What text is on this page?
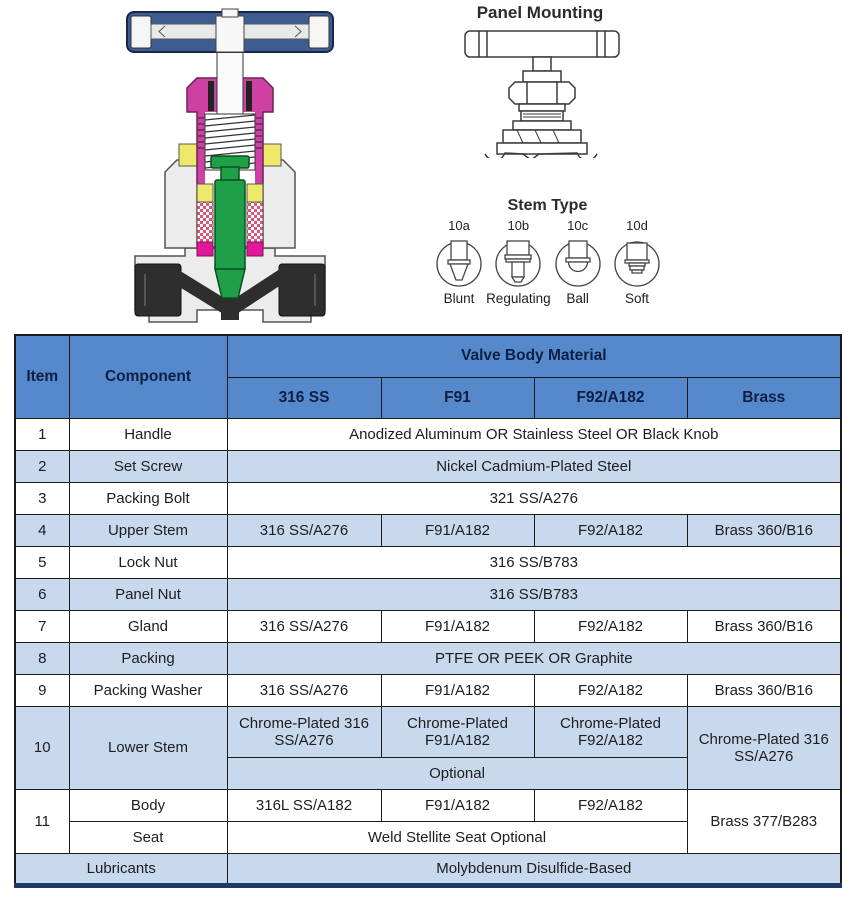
Panel Mounting
Stem Type
10a
Blunt
10b
Regulating
10c
Ball
10d
Soft
Item	Component	Valve Body Material			
		316 SS	F91	F92/A182	Brass
1	Handle	Anodized Aluminum OR Stainless Steel OR Black Knob			
2	Set Screw	Nickel Cadmium-Plated Steel			
3	Packing Bolt	321 SS/A276			
4	Upper Stem	316 SS/A276	F91/A182	F92/A182	Brass 360/B16
5	Lock Nut	316 SS/B783			
6	Panel Nut	316 SS/B783			
7	Gland	316 SS/A276	F91/A182	F92/A182	Brass 360/B16
8	Packing	PTFE OR PEEK OR Graphite			
9	Packing Washer	316 SS/A276	F91/A182	F92/A182	Brass 360/B16
10	Lower Stem	Chrome-Plated 316 SS/A276	Chrome-Plated F91/A182	Chrome-Plated F92/A182	Chrome-Plated 316 SS/A276
		Optional			
11	Body	316L SS/A182	F91/A182	F92/A182	Brass 377/B283
	Seat	Weld Stellite Seat Optional			
Lubricants		Molybdenum Disulfide-Based			
